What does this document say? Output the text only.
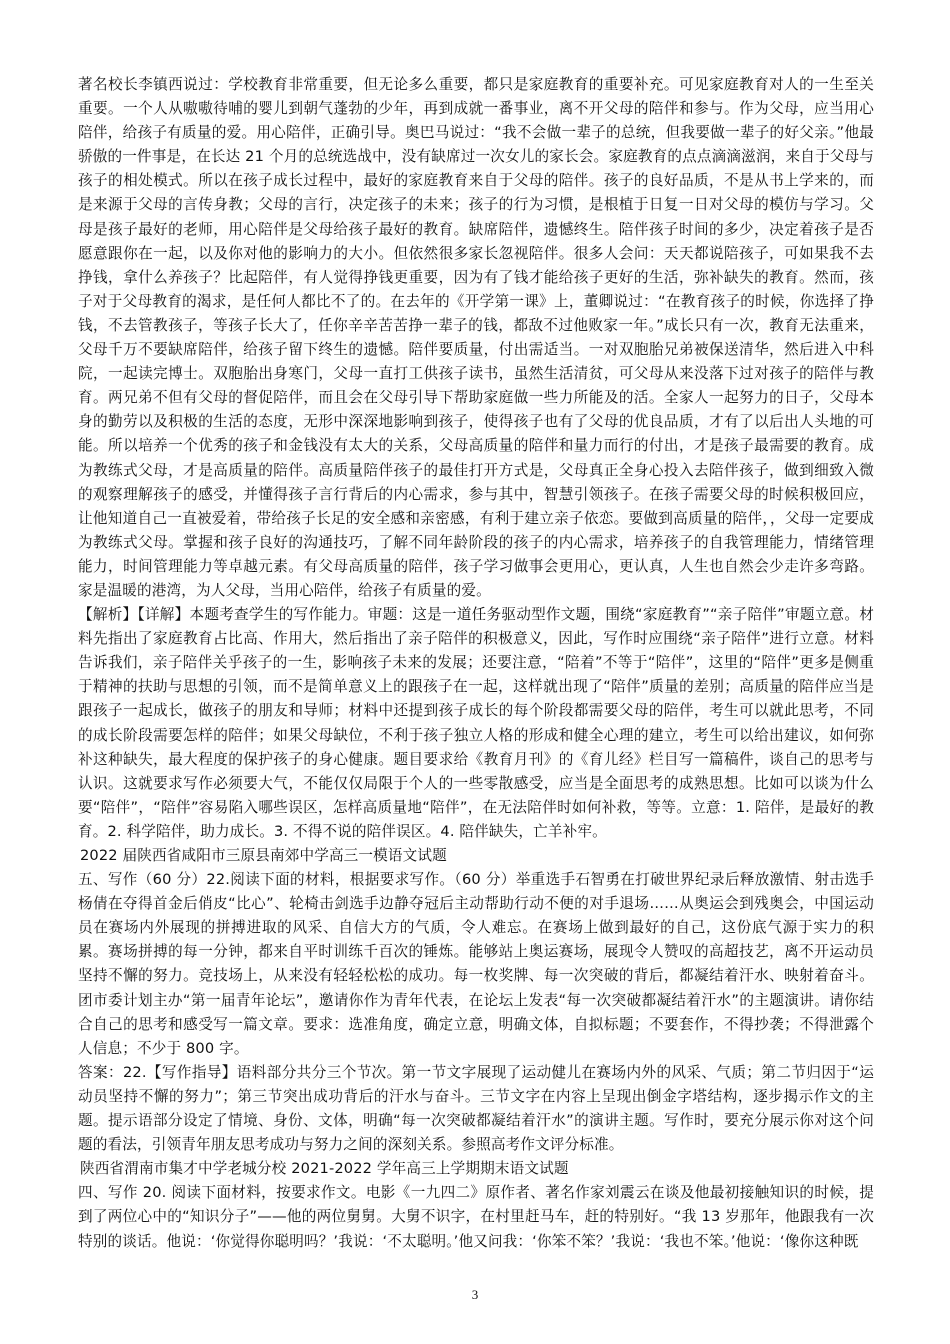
著名校长李镇西说过：学校教育非常重要，但无论多么重要，都只是家庭教育的重要补充。可见家庭教育对人的一生至关重要。一个人从嗷嗷待哺的婴儿到朝气蓬勃的少年，再到成就一番事业，离不开父母的陪伴和参与。作为父母，应当用心陪伴，给孩子有质量的爱。用心陪伴，正确引导。奥巴马说过：“我不会做一辈子的总统，但我要做一辈子的好父亲。”他最骄傲的一件事是，在长达 21 个月的总统选战中，没有缺席过一次女儿的家长会。家庭教育的点点滴滴滋润，来自于父母与孩子的相处模式。所以在孩子成长过程中，最好的家庭教育来自于父母的陪伴。孩子的良好品质，不是从书上学来的，而是来源于父母的言传身教；父母的言行，决定孩子的未来；孩子的行为习惯，是根植于日复一日对父母的模仿与学习。父母是孩子最好的老师，用心陪伴是父母给孩子最好的教育。缺席陪伴，遗憾终生。陪伴孩子时间的多少，决定着孩子是否愿意跟你在一起，以及你对他的影响力的大小。但依然很多家长忽视陪伴。很多人会问：天天都说陪孩子，可如果我不去挣钱，拿什么养孩子？比起陪伴，有人觉得挣钱更重要，因为有了钱才能给孩子更好的生活，弥补缺失的教育。然而，孩子对于父母教育的渴求，是任何人都比不了的。在去年的《开学第一课》上，董卿说过：“在教育孩子的时候，你选择了挣钱，不去管教孩子，等孩子长大了，任你辛辛苦苦挣一辈子的钱，都敌不过他败家一年。”成长只有一次，教育无法重来，父母千万不要缺席陪伴，给孩子留下终生的遗憾。陪伴要质量，付出需适当。一对双胞胎兄弟被保送清华，然后进入中科院，一起读完博士。双胞胎出身寒门，父母一直打工供孩子读书，虽然生活清贫，可父母从来没落下过对孩子的陪伴与教育。两兄弟不但有父母的督促陪伴，而且会在父母引导下帮助家庭做一些力所能及的活。全家人一起努力的日子，父母本身的勤劳以及积极的生活的态度，无形中深深地影响到孩子，使得孩子也有了父母的优良品质，才有了以后出人头地的可能。所以培养一个优秀的孩子和金钱没有太大的关系，父母高质量的陪伴和量力而行的付出，才是孩子最需要的教育。成为教练式父母，才是高质量的陪伴。高质量陪伴孩子的最佳打开方式是，父母真正全身心投入去陪伴孩子，做到细致入微的观察理解孩子的感受，并懂得孩子言行背后的内心需求，参与其中，智慧引领孩子。在孩子需要父母的时候积极回应，让他知道自己一直被爱着，带给孩子长足的安全感和亲密感，有利于建立亲子依恋。要做到高质量的陪伴，，父母一定要成为教练式父母。掌握和孩子良好的沟通技巧，了解不同年龄阶段的孩子的内心需求，培养孩子的自我管理能力，情绪管理能力，时间管理能力等卓越元素。有父母高质量的陪伴，孩子学习做事会更用心，更认真，人生也自然会少走许多弯路。家是温暖的港湾，为人父母，当用心陪伴，给孩子有质量的爱。

【解析】【详解】本题考查学生的写作能力。审题：这是一道任务驱动型作文题，围绕“家庭教育”“亲子陪伴”审题立意。材料先指出了家庭教育占比高、作用大，然后指出了亲子陪伴的积极意义，因此，写作时应围绕“亲子陪伴”进行立意。材料告诉我们，亲子陪伴关乎孩子的一生，影响孩子未来的发展；还要注意，“陪着”不等于“陪伴”，这里的“陪伴”更多是侧重于精神的扶助与思想的引领，而不是简单意义上的跟孩子在一起，这样就出现了“陪伴”质量的差别；高质量的陪伴应当是跟孩子一起成长，做孩子的朋友和导师；材料中还提到孩子成长的每个阶段都需要父母的陪伴，考生可以就此思考，不同的成长阶段需要怎样的陪伴；如果父母缺位，不利于孩子独立人格的形成和健全心理的建立，考生可以给出建议，如何弥补这种缺失，最大程度的保护孩子的身心健康。题目要求给《教育月刊》的《育儿经》栏目写一篇稿件，谈自己的思考与认识。这就要求写作必须要大气，不能仅仅局限于个人的一些零散感受，应当是全面思考的成熟思想。比如可以谈为什么要“陪伴”，“陪伴”容易陷入哪些误区，怎样高质量地“陪伴”，在无法陪伴时如何补救，等等。立意：1. 陪伴，是最好的教育。2. 科学陪伴，助力成长。3. 不得不说的陪伴误区。4. 陪伴缺失，亡羊补牢。

2022 届陕西省咸阳市三原县南郊中学高三一模语文试题

五、写作（60 分）22.阅读下面的材料，根据要求写作。（60 分）举重选手石智勇在打破世界纪录后释放激情、射击选手杨倩在夺得首金后俏皮“比心”、轮椅击剑选手边静夺冠后主动帮助行动不便的对手退场……从奥运会到残奥会，中国运动员在赛场内外展现的拼搏进取的风采、自信大方的气质，令人难忘。在赛场上做到最好的自己，这份底气源于实力的积累。赛场拼搏的每一分钟，都来自平时训练千百次的锤炼。能够站上奥运赛场，展现令人赞叹的高超技艺，离不开运动员坚持不懈的努力。竞技场上，从来没有轻轻松松的成功。每一枚奖牌、每一次突破的背后，都凝结着汗水、映射着奋斗。团市委计划主办“第一届青年论坛”，邀请你作为青年代表，在论坛上发表“每一次突破都凝结着汗水”的主题演讲。请你结合自己的思考和感受写一篇文章。要求：选准角度，确定立意，明确文体，自拟标题；不要套作，不得抄袭；不得泄露个人信息；不少于 800 字。

答案：22.【写作指导】语料部分共分三个节次。第一节文字展现了运动健儿在赛场内外的风采、气质；第二节归因于“运动员坚持不懈的努力”；第三节突出成功背后的汗水与奋斗。三节文字在内容上呈现出倒金字塔结构，逐步揭示作文的主题。提示语部分设定了情境、身份、文体，明确“每一次突破都凝结着汗水”的演讲主题。写作时，要充分展示你对这个问题的看法，引领青年朋友思考成功与努力之间的深刻关系。参照高考作文评分标准。

陕西省渭南市集才中学老城分校 2021-2022 学年高三上学期期末语文试题

四、写作 20. 阅读下面材料，按要求作文。电影《一九四二》原作者、著名作家刘震云在谈及他最初接触知识的时候，提到了两位心中的“知识分子”——他的两位舅舅。大舅不识字，在村里赶马车，赶的特别好。“我 13 岁那年，他跟我有一次特别的谈话。他说：‘你觉得你聪明吗？’我说：‘不太聪明。’他又问我：‘你笨不笨？’我说：‘我也不笨。’他说：‘像你这种既

3
